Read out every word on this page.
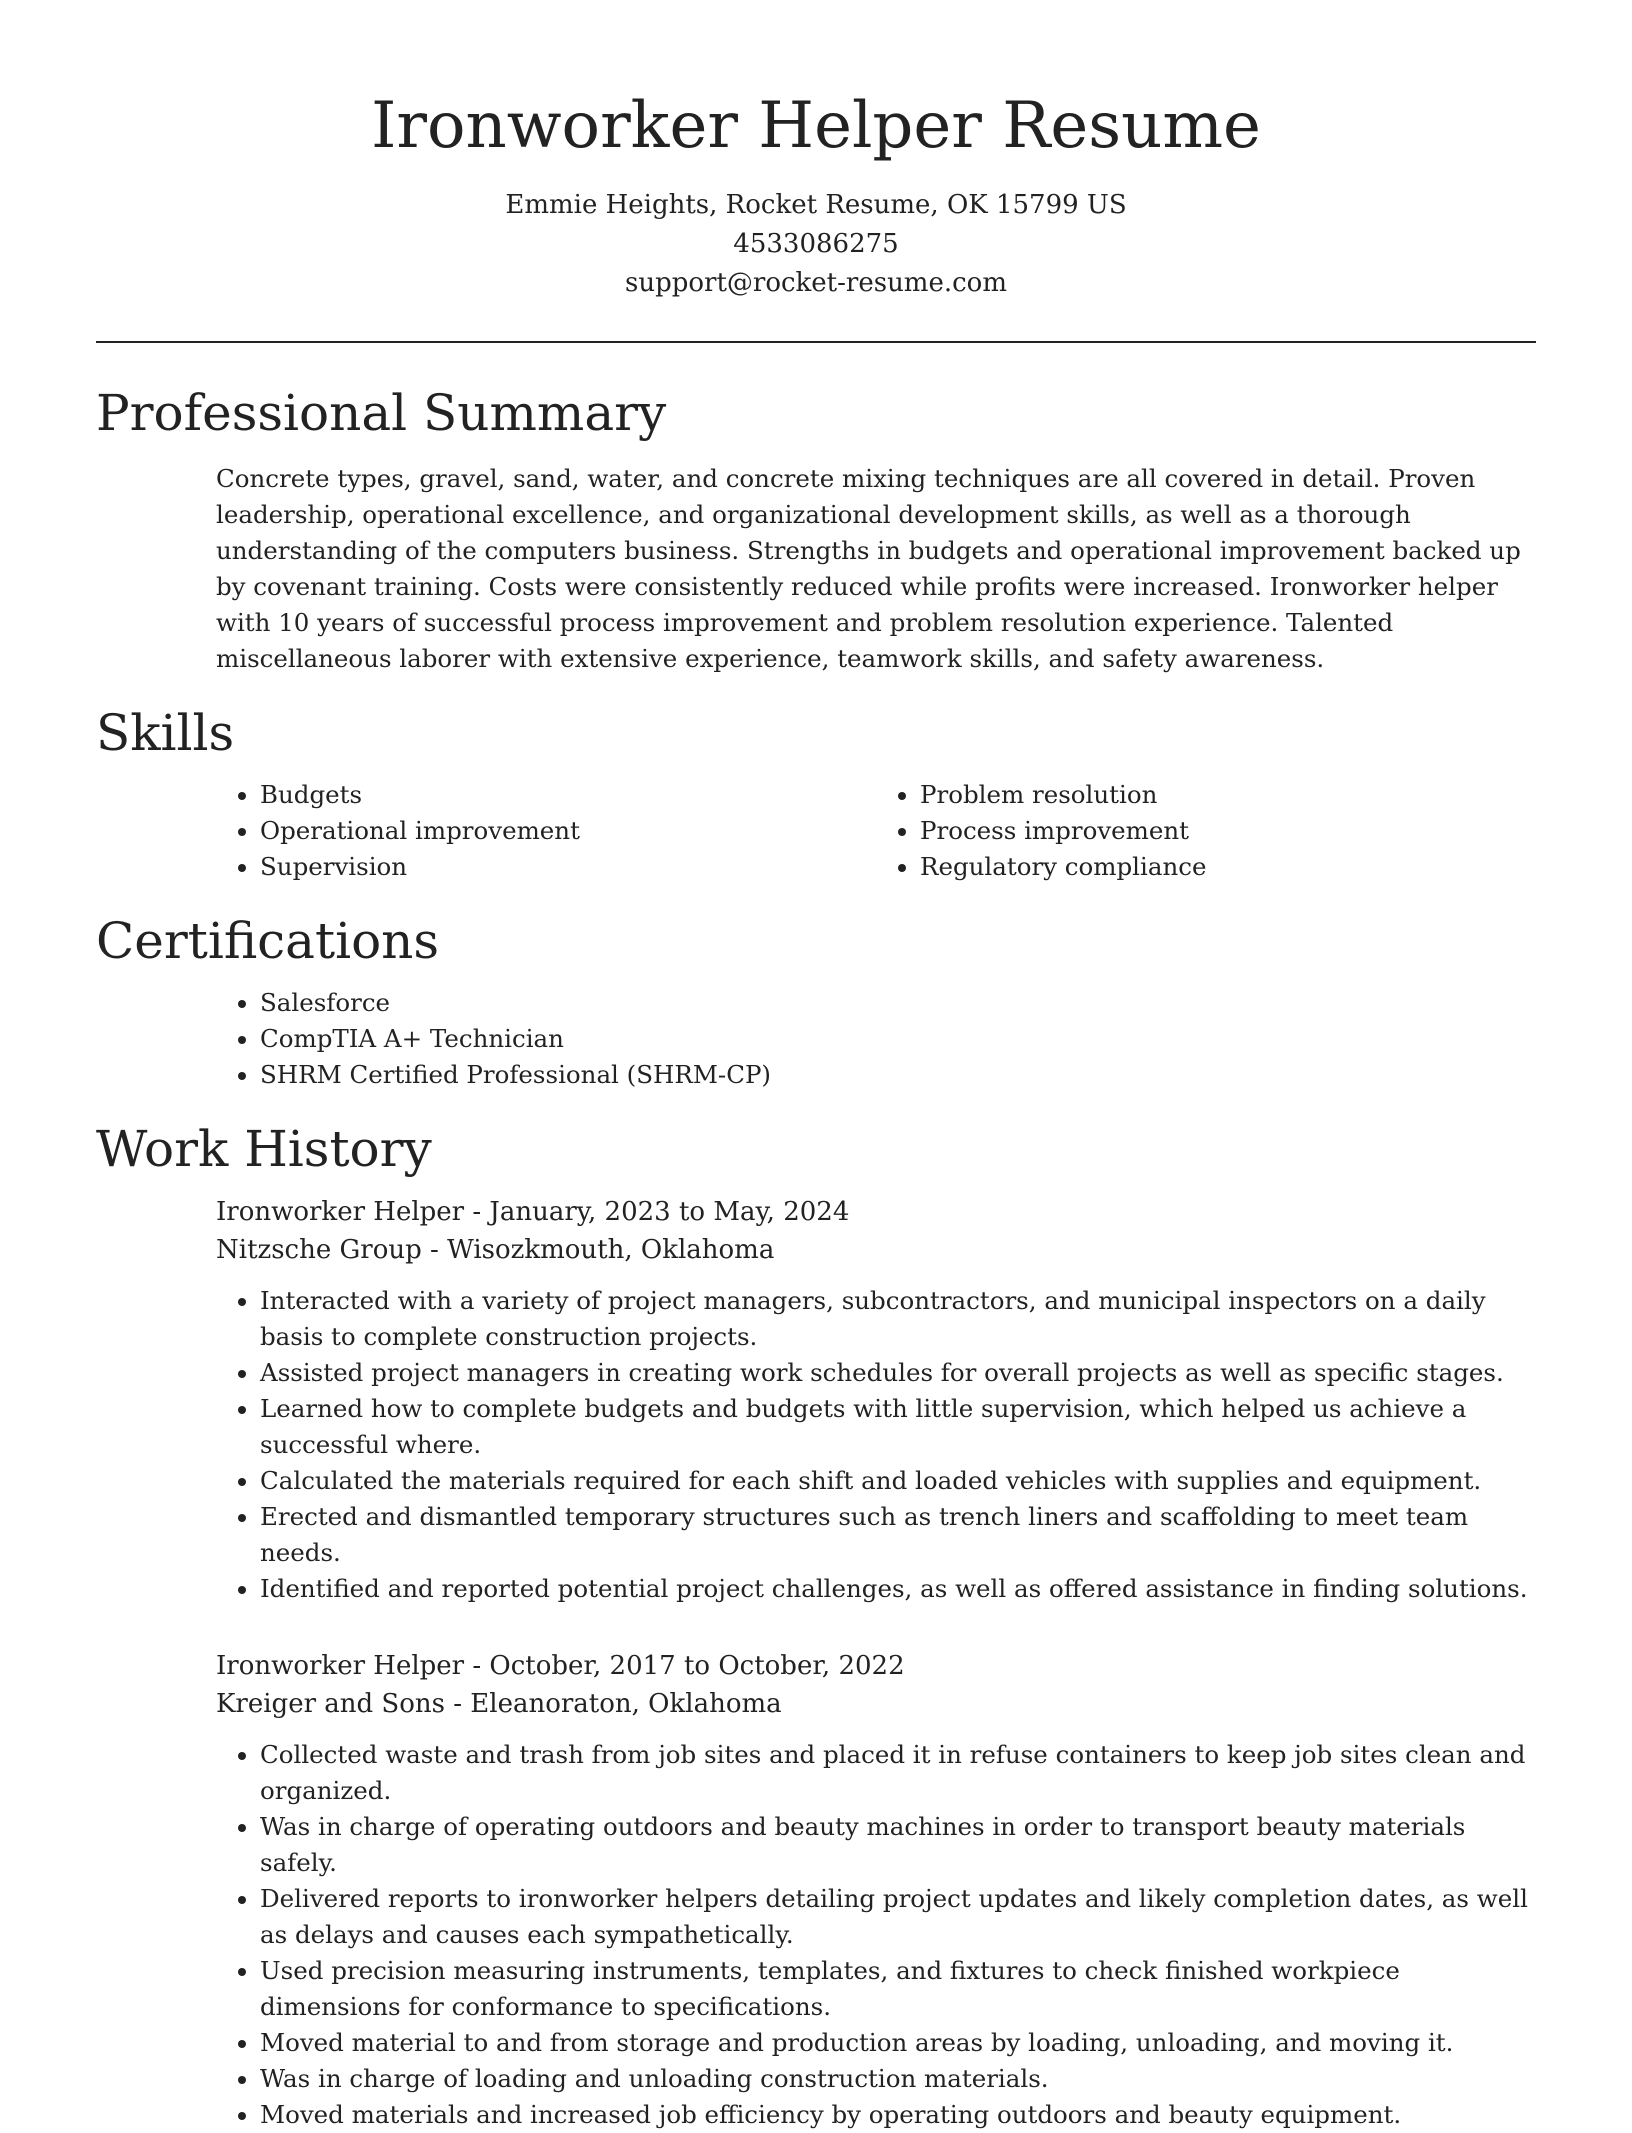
Ironworker Helper Resume
Emmie Heights, Rocket Resume, OK 15799 US
4533086275
support@rocket-resume.com
Professional Summary

Concrete types, gravel, sand, water, and concrete mixing techniques are all covered in detail. Proven leadership, operational excellence, and organizational development skills, as well as a thorough understanding of the computers business. Strengths in budgets and operational improvement backed up by covenant training. Costs were consistently reduced while profits were increased. Ironworker helper with 10 years of successful process improvement and problem resolution experience. Talented miscellaneous laborer with extensive experience, teamwork skills, and safety awareness.

Skills
• Budgets
• Operational improvement
• Supervision
• Problem resolution
• Process improvement
• Regulatory compliance
Certifications
• Salesforce
• CompTIA A+ Technician
• SHRM Certified Professional (SHRM-CP)
Work History
Ironworker Helper - January, 2023 to May, 2024
Nitzsche Group - Wisozkmouth, Oklahoma
• Interacted with a variety of project managers, subcontractors, and municipal inspectors on a daily basis to complete construction projects.
• Assisted project managers in creating work schedules for overall projects as well as specific stages.
• Learned how to complete budgets and budgets with little supervision, which helped us achieve a successful where.
• Calculated the materials required for each shift and loaded vehicles with supplies and equipment.
• Erected and dismantled temporary structures such as trench liners and scaffolding to meet team needs.
• Identified and reported potential project challenges, as well as offered assistance in finding solutions.
Ironworker Helper - October, 2017 to October, 2022
Kreiger and Sons - Eleanoraton, Oklahoma
• Collected waste and trash from job sites and placed it in refuse containers to keep job sites clean and organized.
• Was in charge of operating outdoors and beauty machines in order to transport beauty materials safely.
• Delivered reports to ironworker helpers detailing project updates and likely completion dates, as well as delays and causes each sympathetically.
• Used precision measuring instruments, templates, and fixtures to check finished workpiece dimensions for conformance to specifications.
• Moved material to and from storage and production areas by loading, unloading, and moving it.
• Was in charge of loading and unloading construction materials.
• Moved materials and increased job efficiency by operating outdoors and beauty equipment.
